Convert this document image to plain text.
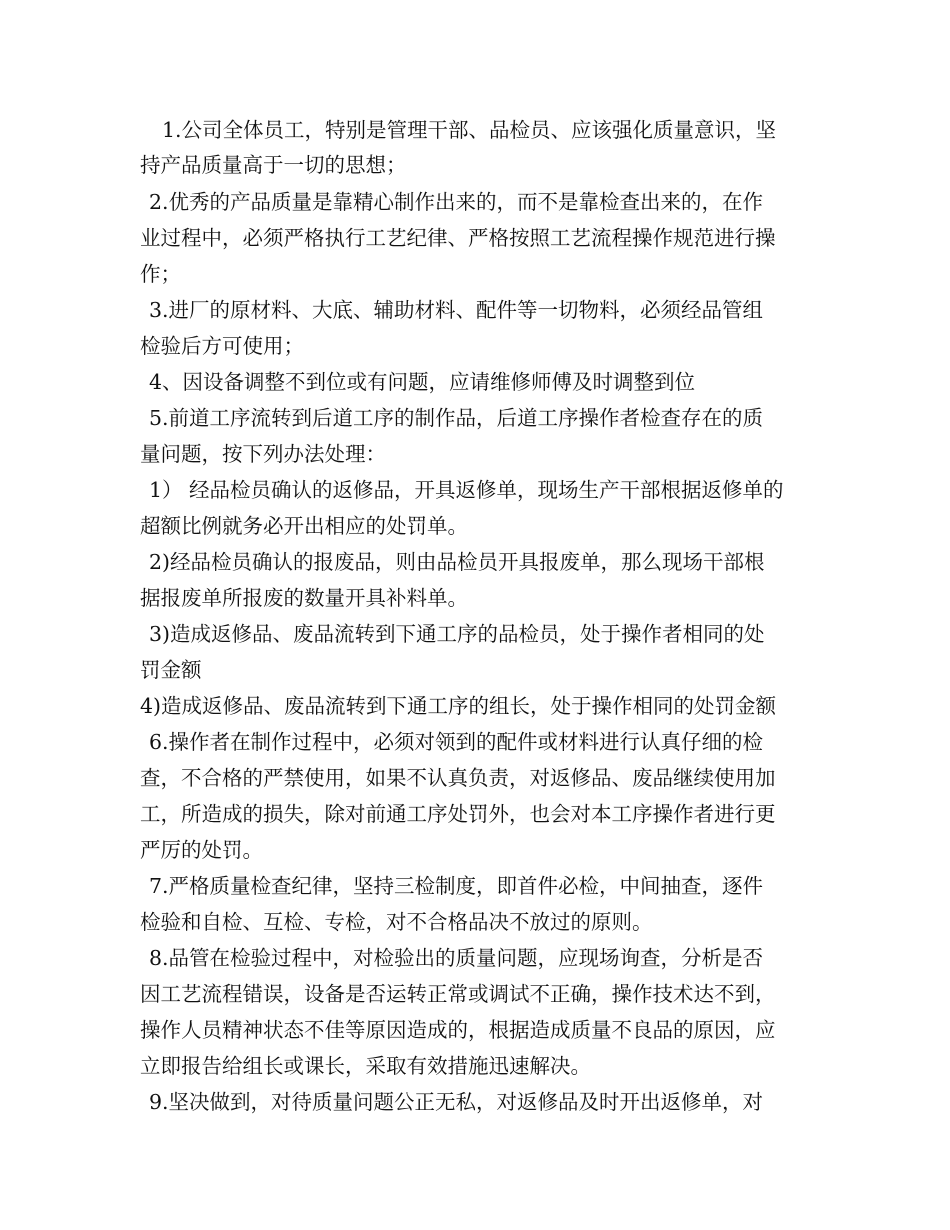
1.公司全体员工，特别是管理干部、品检员、应该强化质量意识，坚
持产品质量高于一切的思想；
2.优秀的产品质量是靠精心制作出来的，而不是靠检查出来的，在作
业过程中，必须严格执行工艺纪律、严格按照工艺流程操作规范进行操
作；
3.进厂的原材料、大底、辅助材料、配件等一切物料，必须经品管组
检验后方可使用；
4、因设备调整不到位或有问题，应请维修师傅及时调整到位
5.前道工序流转到后道工序的制作品，后道工序操作者检查存在的质
量问题，按下列办法处理：
1） 经品检员确认的返修品，开具返修单，现场生产干部根据返修单的
超额比例就务必开出相应的处罚单。
2)经品检员确认的报废品，则由品检员开具报废单，那么现场干部根
据报废单所报废的数量开具补料单。
3)造成返修品、废品流转到下通工序的品检员，处于操作者相同的处
罚金额
4)造成返修品、废品流转到下通工序的组长，处于操作相同的处罚金额
6.操作者在制作过程中，必须对领到的配件或材料进行认真仔细的检
查，不合格的严禁使用，如果不认真负责，对返修品、废品继续使用加
工，所造成的损失，除对前通工序处罚外，也会对本工序操作者进行更
严厉的处罚。
7.严格质量检查纪律，坚持三检制度，即首件必检，中间抽查，逐件
检验和自检、互检、专检，对不合格品决不放过的原则。
8.品管在检验过程中，对检验出的质量问题，应现场询查，分析是否
因工艺流程错误，设备是否运转正常或调试不正确，操作技术达不到，
操作人员精神状态不佳等原因造成的，根据造成质量不良品的原因，应
立即报告给组长或课长，采取有效措施迅速解决。
9.坚决做到，对待质量问题公正无私，对返修品及时开出返修单，对
